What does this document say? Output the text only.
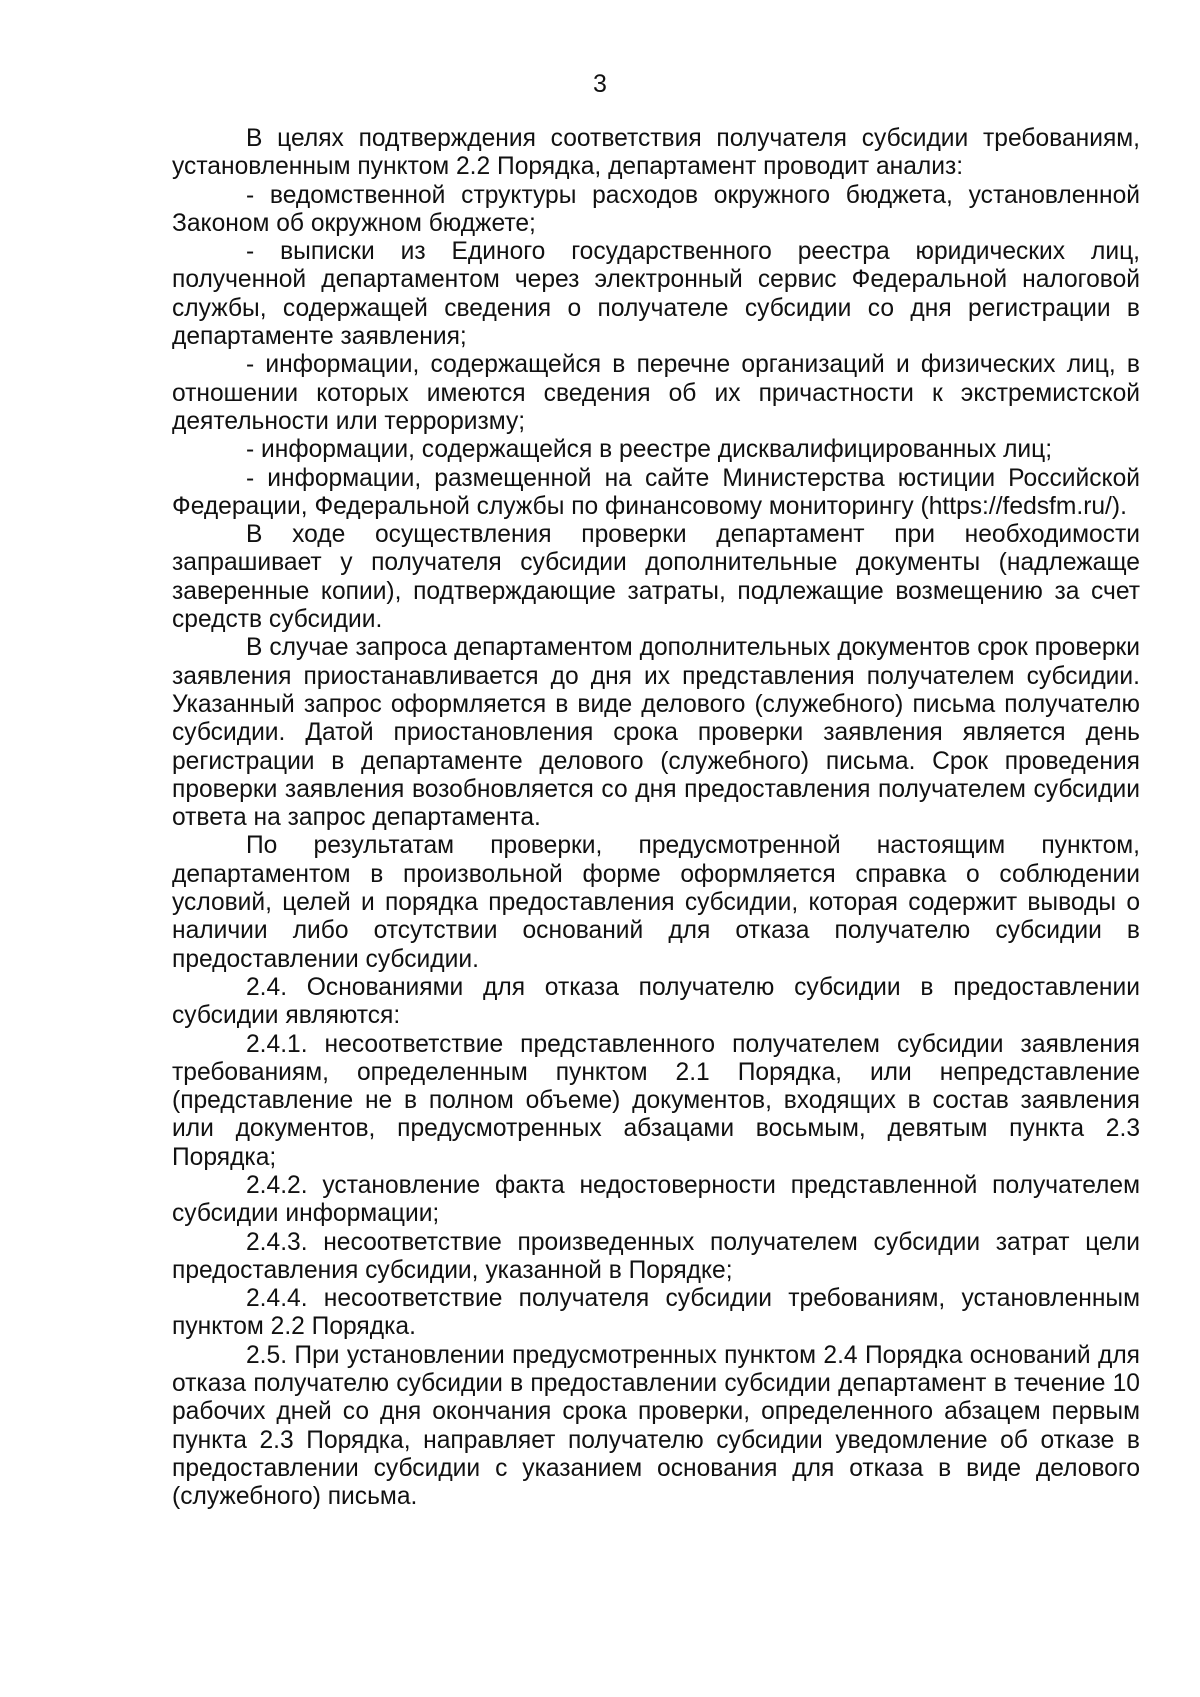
3

В целях подтверждения соответствия получателя субсидии требованиям, установленным пунктом 2.2 Порядка, департамент проводит анализ:

- ведомственной структуры расходов окружного бюджета, установленной Законом об окружном бюджете;

- выписки из Единого государственного реестра юридических лиц, полученной департаментом через электронный сервис Федеральной налоговой службы, содержащей сведения о получателе субсидии со дня регистрации в департаменте заявления;

- информации, содержащейся в перечне организаций и физических лиц, в отношении которых имеются сведения об их причастности к экстремистской деятельности или терроризму;

- информации, содержащейся в реестре дисквалифицированных лиц;

- информации, размещенной на сайте Министерства юстиции Российской Федерации, Федеральной службы по финансовому мониторингу (https://fedsfm.ru/).

В ходе осуществления проверки департамент при необходимости запрашивает у получателя субсидии дополнительные документы (надлежаще заверенные копии), подтверждающие затраты, подлежащие возмещению за счет средств субсидии.

В случае запроса департаментом дополнительных документов срок проверки заявления приостанавливается до дня их представления получателем субсидии. Указанный запрос оформляется в виде делового (служебного) письма получателю субсидии. Датой приостановления срока проверки заявления является день регистрации в департаменте делового (служебного) письма. Срок проведения проверки заявления возобновляется со дня предоставления получателем субсидии ответа на запрос департамента.

По результатам проверки, предусмотренной настоящим пунктом, департаментом в произвольной форме оформляется справка о соблюдении условий, целей и порядка предоставления субсидии, которая содержит выводы о наличии либо отсутствии оснований для отказа получателю субсидии в предоставлении субсидии.

2.4. Основаниями для отказа получателю субсидии в предоставлении субсидии являются:

2.4.1. несоответствие представленного получателем субсидии заявления требованиям, определенным пунктом 2.1 Порядка, или непредставление (представление не в полном объеме) документов, входящих в состав заявления или документов, предусмотренных абзацами восьмым, девятым пункта 2.3 Порядка;

2.4.2. установление факта недостоверности представленной получателем субсидии информации;

2.4.3. несоответствие произведенных получателем субсидии затрат цели предоставления субсидии, указанной в Порядке;

2.4.4. несоответствие получателя субсидии требованиям, установленным пунктом 2.2 Порядка.

2.5. При установлении предусмотренных пунктом 2.4 Порядка оснований для отказа получателю субсидии в предоставлении субсидии департамент в течение 10 рабочих дней со дня окончания срока проверки, определенного абзацем первым пункта 2.3 Порядка, направляет получателю субсидии уведомление об отказе в предоставлении субсидии с указанием основания для отказа в виде делового (служебного) письма.
